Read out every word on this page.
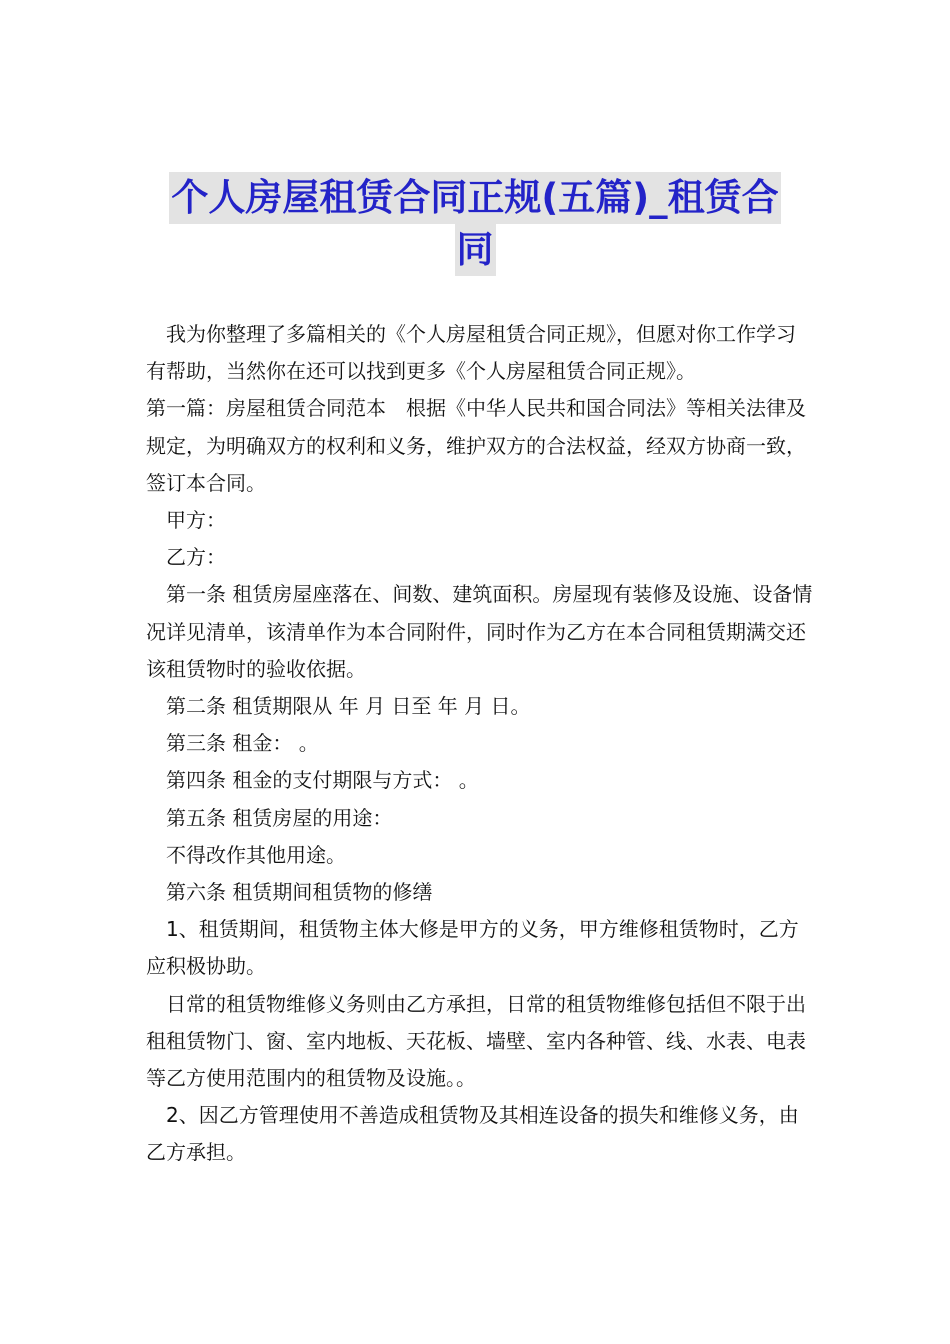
个人房屋租赁合同正规(五篇)_租赁合
同

我为你整理了多篇相关的《个人房屋租赁合同正规》，但愿对你工作学习有帮助，当然你在还可以找到更多《个人房屋租赁合同正规》。

第一篇：房屋租赁合同范本　根据《中华人民共和国合同法》等相关法律及规定，为明确双方的权利和义务，维护双方的合法权益，经双方协商一致，签订本合同。

甲方：

乙方：

第一条 租赁房屋座落在、间数、建筑面积。房屋现有装修及设施、设备情况详见清单，该清单作为本合同附件，同时作为乙方在本合同租赁期满交还该租赁物时的验收依据。

第二条 租赁期限从 年 月 日至 年 月 日。

第三条 租金： 。

第四条 租金的支付期限与方式： 。

第五条 租赁房屋的用途：

不得改作其他用途。

第六条 租赁期间租赁物的修缮

1、租赁期间，租赁物主体大修是甲方的义务，甲方维修租赁物时，乙方应积极协助。

日常的租赁物维修义务则由乙方承担，日常的租赁物维修包括但不限于出租租赁物门、窗、室内地板、天花板、墙壁、室内各种管、线、水表、电表等乙方使用范围内的租赁物及设施。。

2、因乙方管理使用不善造成租赁物及其相连设备的损失和维修义务，由乙方承担。
